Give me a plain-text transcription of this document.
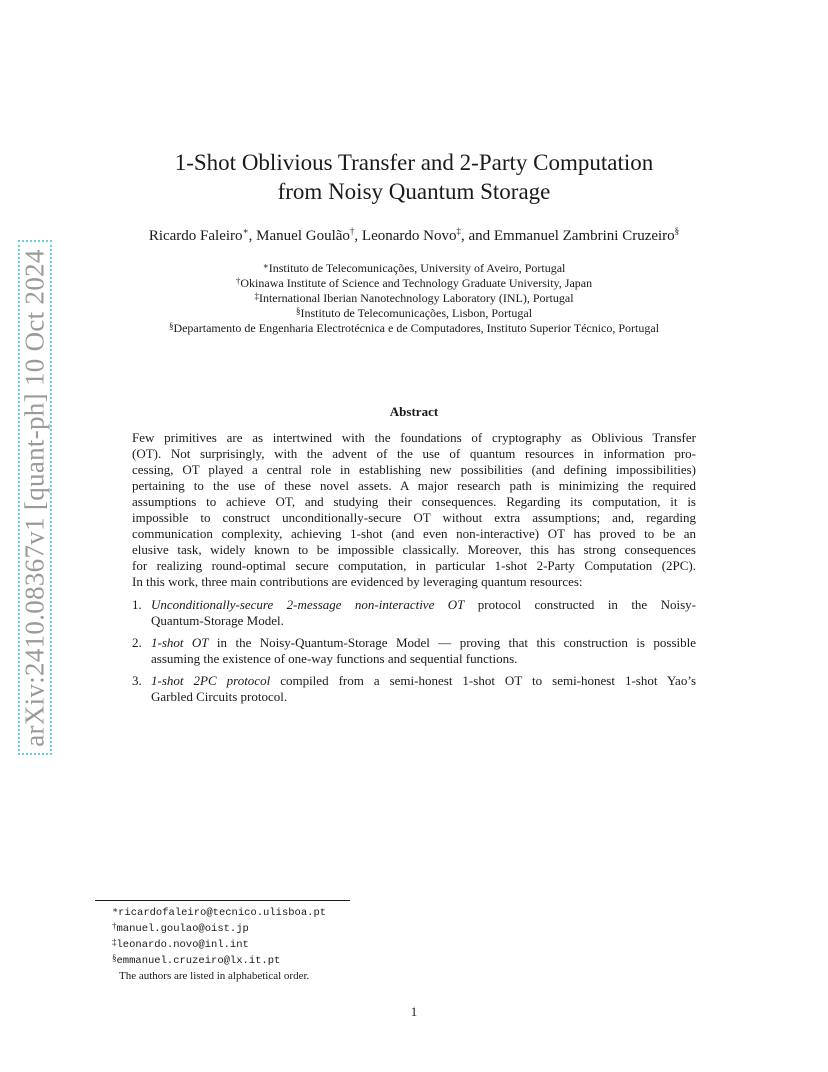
arXiv:2410.08367v1 [quant-ph] 10 Oct 2024
1-Shot Oblivious Transfer and 2-Party Computation
from Noisy Quantum Storage
Ricardo Faleiro∗, Manuel Goulão†, Leonardo Novo‡, and Emmanuel Zambrini Cruzeiro§
∗Instituto de Telecomunicações, University of Aveiro, Portugal
†Okinawa Institute of Science and Technology Graduate University, Japan
‡International Iberian Nanotechnology Laboratory (INL), Portugal
§Instituto de Telecomunicações, Lisbon, Portugal
§Departamento de Engenharia Electrotécnica e de Computadores, Instituto Superior Técnico, Portugal
Abstract
Few primitives are as intertwined with the foundations of cryptography as Oblivious Transfer
(OT). Not surprisingly, with the advent of the use of quantum resources in information pro-
cessing, OT played a central role in establishing new possibilities (and defining impossibilities)
pertaining to the use of these novel assets. A major research path is minimizing the required
assumptions to achieve OT, and studying their consequences. Regarding its computation, it is
impossible to construct unconditionally-secure OT without extra assumptions; and, regarding
communication complexity, achieving 1-shot (and even non-interactive) OT has proved to be an
elusive task, widely known to be impossible classically. Moreover, this has strong consequences
for realizing round-optimal secure computation, in particular 1-shot 2-Party Computation (2PC).
In this work, three main contributions are evidenced by leveraging quantum resources:
1. Unconditionally-secure 2-message non-interactive OT protocol constructed in the Noisy-
Quantum-Storage Model.
2. 1-shot OT in the Noisy-Quantum-Storage Model — proving that this construction is possible
assuming the existence of one-way functions and sequential functions.
3. 1-shot 2PC protocol compiled from a semi-honest 1-shot OT to semi-honest 1-shot Yao’s
Garbled Circuits protocol.
∗ricardofaleiro@tecnico.ulisboa.pt
†manuel.goulao@oist.jp
‡leonardo.novo@inl.int
§emmanuel.cruzeiro@lx.it.pt
The authors are listed in alphabetical order.
1
